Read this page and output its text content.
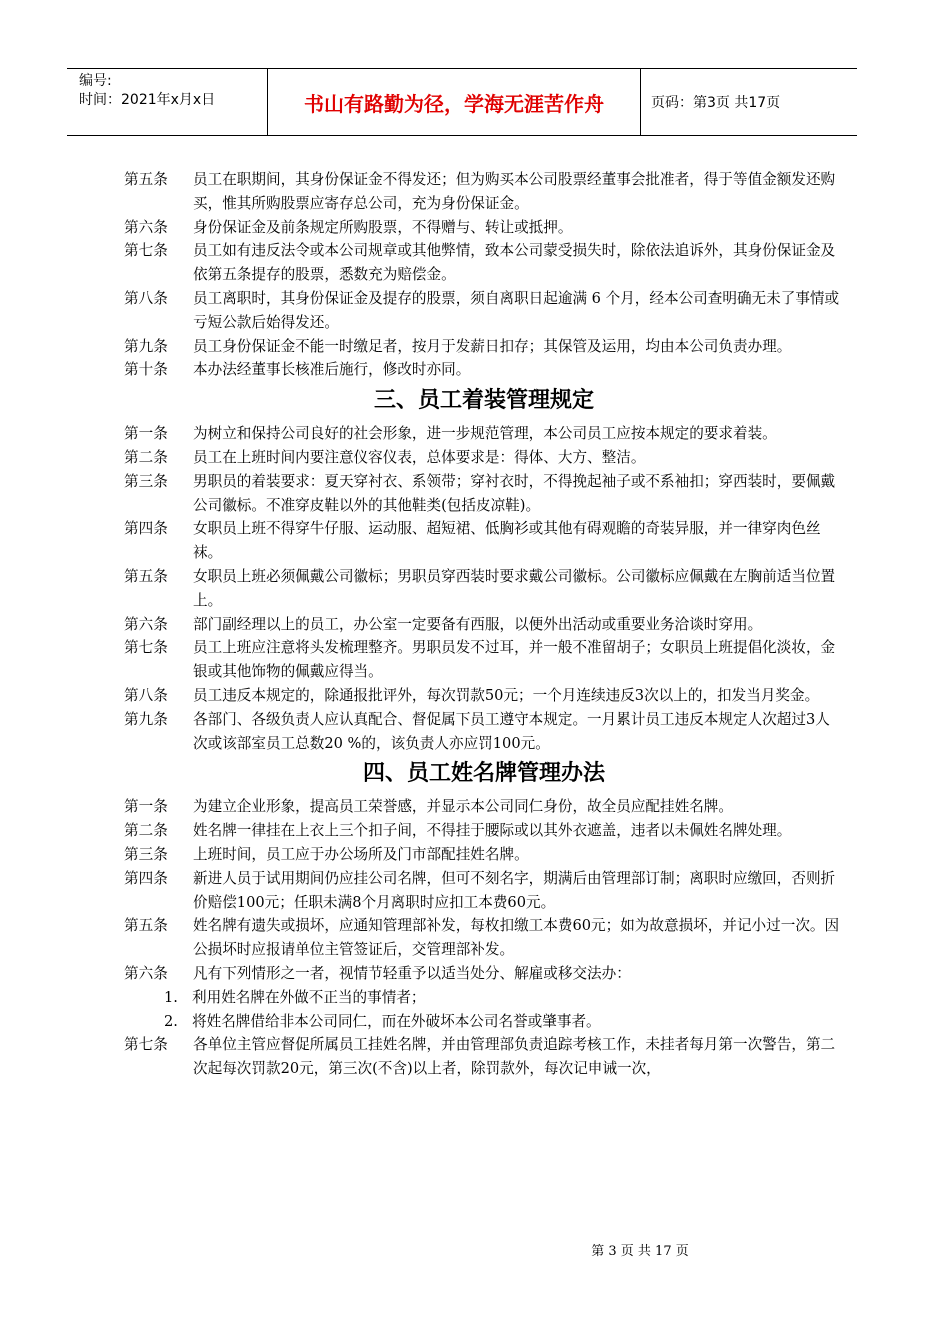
编号:
时间：2021年x月x日	书山有路勤为径，学海无涯苦作舟	页码：第3页 共17页
第五条	员工在职期间，其身份保证金不得发还；但为购买本公司股票经董事会批准者，得于等值金额发还购买，惟其所购股票应寄存总公司，充为身份保证金。
第六条	身份保证金及前条规定所购股票，不得赠与、转让或抵押。
第七条	员工如有违反法令或本公司规章或其他弊情，致本公司蒙受损失时，除依法追诉外，其身份保证金及依第五条提存的股票，悉数充为赔偿金。
第八条	员工离职时，其身份保证金及提存的股票，须自离职日起逾满 6 个月，经本公司查明确无未了事情或亏短公款后始得发还。
第九条	员工身份保证金不能一时缴足者，按月于发薪日扣存；其保管及运用，均由本公司负责办理。
第十条	本办法经董事长核准后施行，修改时亦同。
三、员工着装管理规定
第一条	为树立和保持公司良好的社会形象，进一步规范管理，本公司员工应按本规定的要求着装。
第二条	员工在上班时间内要注意仪容仪表，总体要求是：得体、大方、整洁。
第三条	男职员的着装要求：夏天穿衬衣、系领带；穿衬衣时，不得挽起袖子或不系袖扣；穿西装时，要佩戴公司徽标。不准穿皮鞋以外的其他鞋类(包括皮凉鞋)。
第四条	女职员上班不得穿牛仔服、运动服、超短裙、低胸衫或其他有碍观瞻的奇装异服，并一律穿肉色丝袜。
第五条	女职员上班必须佩戴公司徽标；男职员穿西装时要求戴公司徽标。公司徽标应佩戴在左胸前适当位置上。
第六条	部门副经理以上的员工，办公室一定要备有西服，以便外出活动或重要业务洽谈时穿用。
第七条	员工上班应注意将头发梳理整齐。男职员发不过耳，并一般不准留胡子；女职员上班提倡化淡妆，金银或其他饰物的佩戴应得当。
第八条	员工违反本规定的，除通报批评外，每次罚款50元；一个月连续违反3次以上的，扣发当月奖金。
第九条	各部门、各级负责人应认真配合、督促属下员工遵守本规定。一月累计员工违反本规定人次超过3人次或该部室员工总数20 %的，该负责人亦应罚100元。
四、员工姓名牌管理办法
第一条	为建立企业形象，提高员工荣誉感，并显示本公司同仁身份，故全员应配挂姓名牌。
第二条	姓名牌一律挂在上衣上三个扣子间，不得挂于腰际或以其外衣遮盖，违者以未佩姓名牌处理。
第三条	上班时间，员工应于办公场所及门市部配挂姓名牌。
第四条	新进人员于试用期间仍应挂公司名牌，但可不刻名字，期满后由管理部订制；离职时应缴回，否则折价赔偿100元；任职未满8个月离职时应扣工本费60元。
第五条	姓名牌有遗失或损坏，应通知管理部补发，每枚扣缴工本费60元；如为故意损坏，并记小过一次。因公损坏时应报请单位主管签证后，交管理部补发。
第六条	凡有下列情形之一者，视情节轻重予以适当处分、解雇或移交法办：
1. 利用姓名牌在外做不正当的事情者；
2. 将姓名牌借给非本公司同仁，而在外破坏本公司名誉或肇事者。
第七条	各单位主管应督促所属员工挂姓名牌，并由管理部负责追踪考核工作，未挂者每月第一次警告，第二次起每次罚款20元，第三次(不含)以上者，除罚款外，每次记申诫一次，
第 3 页 共 17 页
